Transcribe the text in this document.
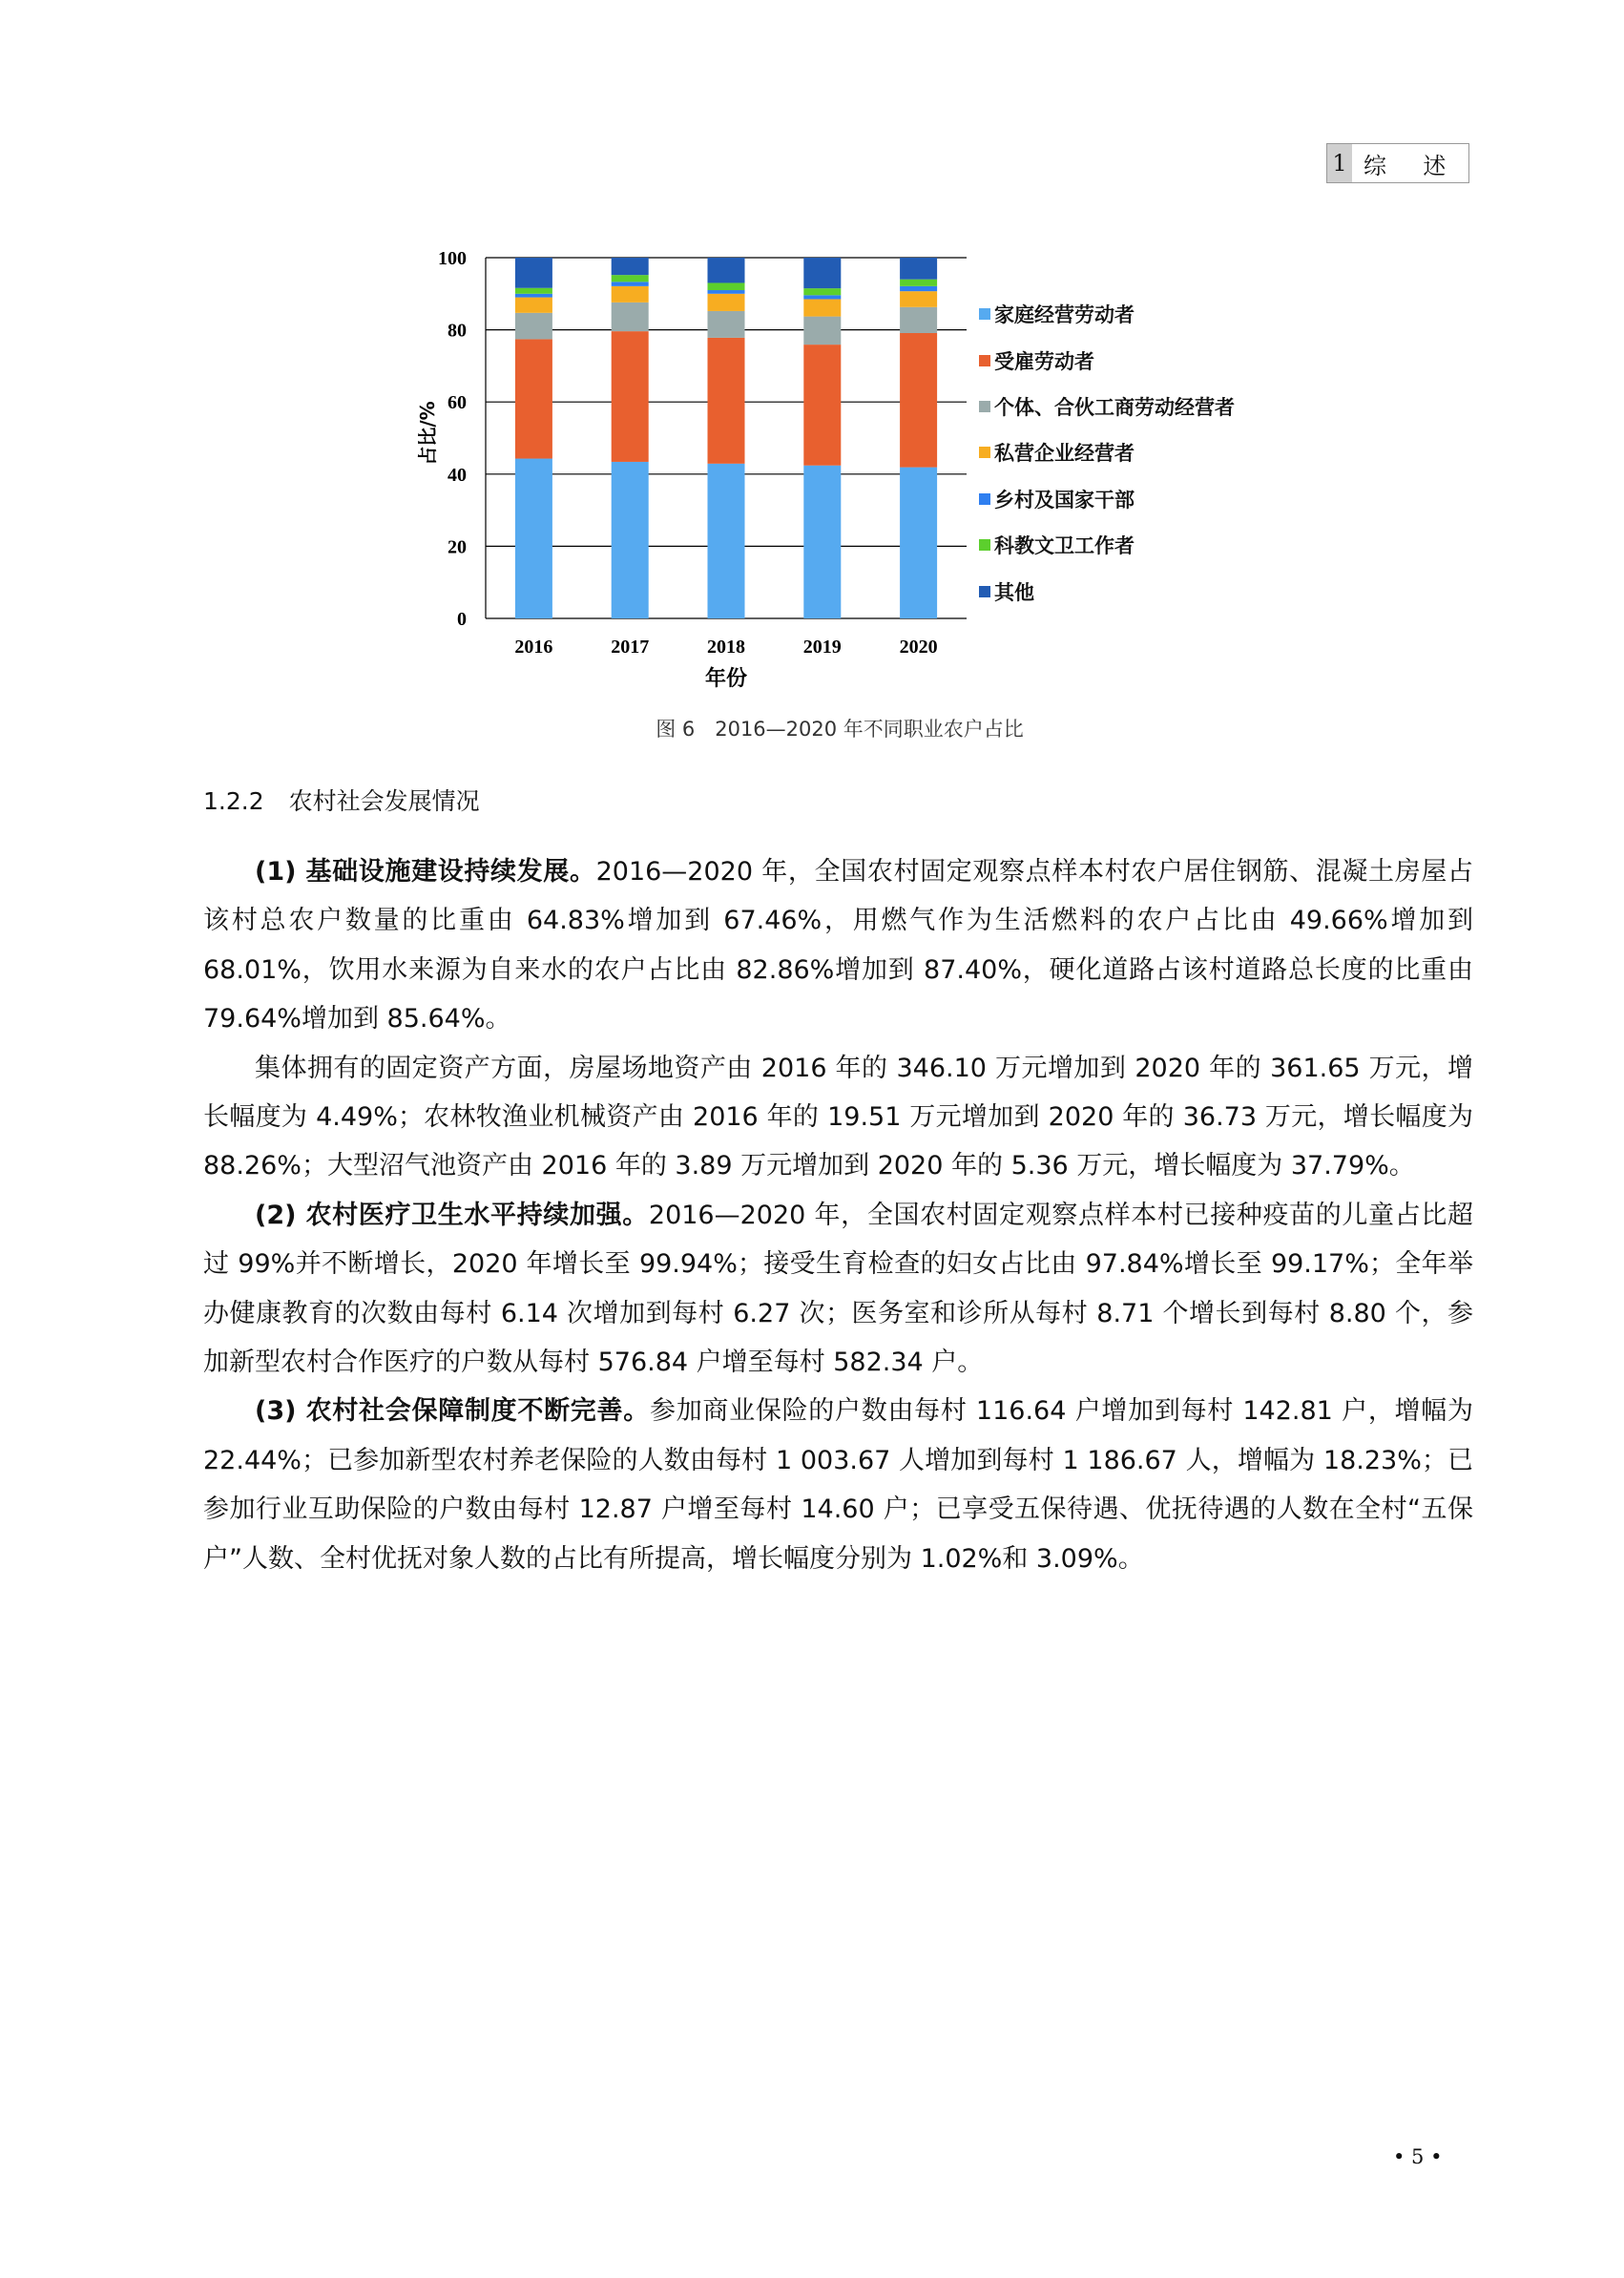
1 综述
0
20
40
60
80
100
2016	2017	2018	2019	2020
年份
占比/%
家庭经营劳动者
受雇劳动者
个体、合伙工商劳动经营者
私营企业经营者
乡村及国家干部
科教文卫工作者
其他
图 6　2016—2020 年不同职业农户占比
1.2.2 农村社会发展情况

(1) 基础设施建设持续发展。2016—2020 年，全国农村固定观察点样本村农户居住钢筋、混凝土房屋占该村总农户数量的比重由 64.83%增加到 67.46%，用燃气作为生活燃料的农户占比由 49.66%增加到 68.01%，饮用水来源为自来水的农户占比由 82.86%增加到 87.40%，硬化道路占该村道路总长度的比重由 79.64%增加到 85.64%。

集体拥有的固定资产方面，房屋场地资产由 2016 年的 346.10 万元增加到 2020 年的 361.65 万元，增长幅度为 4.49%；农林牧渔业机械资产由 2016 年的 19.51 万元增加到 2020 年的 36.73 万元，增长幅度为 88.26%；大型沼气池资产由 2016 年的 3.89 万元增加到 2020 年的 5.36 万元，增长幅度为 37.79%。

(2) 农村医疗卫生水平持续加强。2016—2020 年，全国农村固定观察点样本村已接种疫苗的儿童占比超过 99%并不断增长，2020 年增长至 99.94%；接受生育检查的妇女占比由 97.84%增长至 99.17%；全年举办健康教育的次数由每村 6.14 次增加到每村 6.27 次；医务室和诊所从每村 8.71 个增长到每村 8.80 个，参加新型农村合作医疗的户数从每村 576.84 户增至每村 582.34 户。

(3) 农村社会保障制度不断完善。参加商业保险的户数由每村 116.64 户增加到每村 142.81 户，增幅为 22.44%；已参加新型农村养老保险的人数由每村 1 003.67 人增加到每村 1 186.67 人，增幅为 18.23%；已参加行业互助保险的户数由每村 12.87 户增至每村 14.60 户；已享受五保待遇、优抚待遇的人数在全村“五保户”人数、全村优抚对象人数的占比有所提高，增长幅度分别为 1.02%和 3.09%。

• 5 •
